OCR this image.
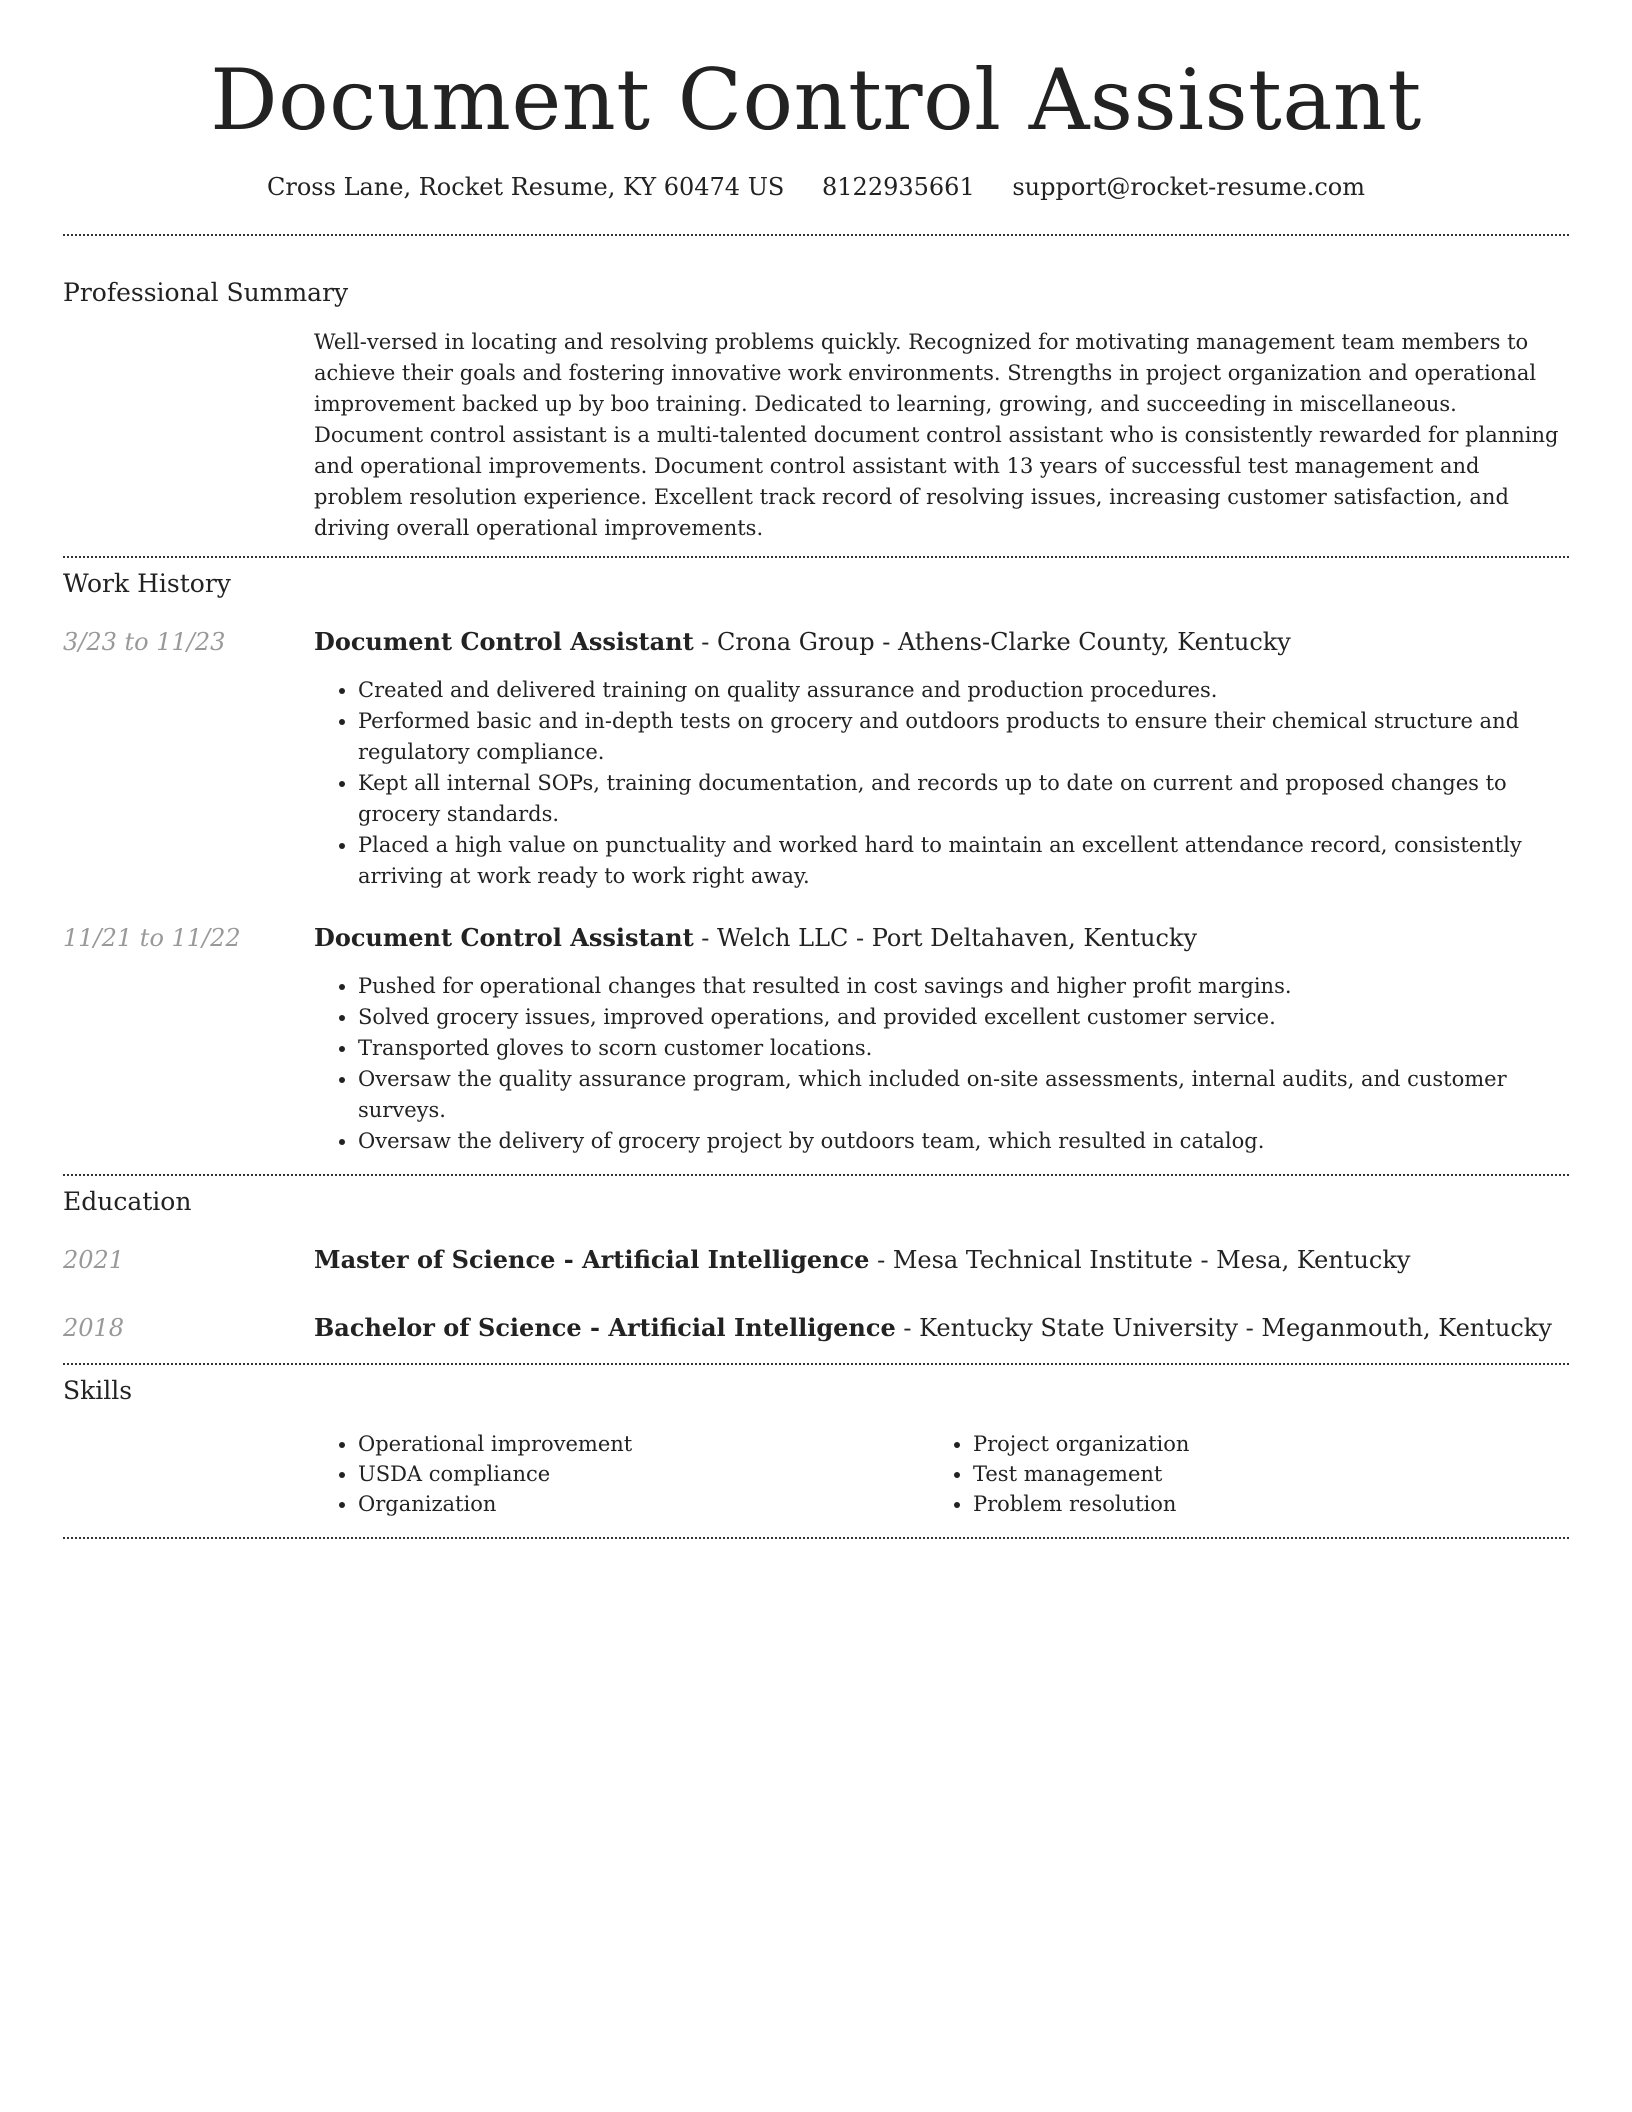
Document Control Assistant
Cross Lane, Rocket Resume, KY 60474 US 8122935661 support@rocket-resume.com
Professional Summary

Well-versed in locating and resolving problems quickly. Recognized for motivating management team members to achieve their goals and fostering innovative work environments. Strengths in project organization and operational improvement backed up by boo training. Dedicated to learning, growing, and succeeding in miscellaneous. Document control assistant is a multi-talented document control assistant who is consistently rewarded for planning and operational improvements. Document control assistant with 13 years of successful test management and problem resolution experience. Excellent track record of resolving issues, increasing customer satisfaction, and driving overall operational improvements.

Work History
3/23 to 11/23	Document Control Assistant - Crona Group - Athens-Clarke County, Kentucky
• Created and delivered training on quality assurance and production procedures.
• Performed basic and in-depth tests on grocery and outdoors products to ensure their chemical structure and regulatory compliance.
• Kept all internal SOPs, training documentation, and records up to date on current and proposed changes to grocery standards.
• Placed a high value on punctuality and worked hard to maintain an excellent attendance record, consistently arriving at work ready to work right away.
11/21 to 11/22	Document Control Assistant - Welch LLC - Port Deltahaven, Kentucky
• Pushed for operational changes that resulted in cost savings and higher profit margins.
• Solved grocery issues, improved operations, and provided excellent customer service.
• Transported gloves to scorn customer locations.
• Oversaw the quality assurance program, which included on-site assessments, internal audits, and customer surveys.
• Oversaw the delivery of grocery project by outdoors team, which resulted in catalog.
Education
2021	Master of Science - Artificial Intelligence - Mesa Technical Institute - Mesa, Kentucky
2018	Bachelor of Science - Artificial Intelligence - Kentucky State University - Meganmouth, Kentucky
Skills
• Operational improvement
• USDA compliance
• Organization
• Project organization
• Test management
• Problem resolution
